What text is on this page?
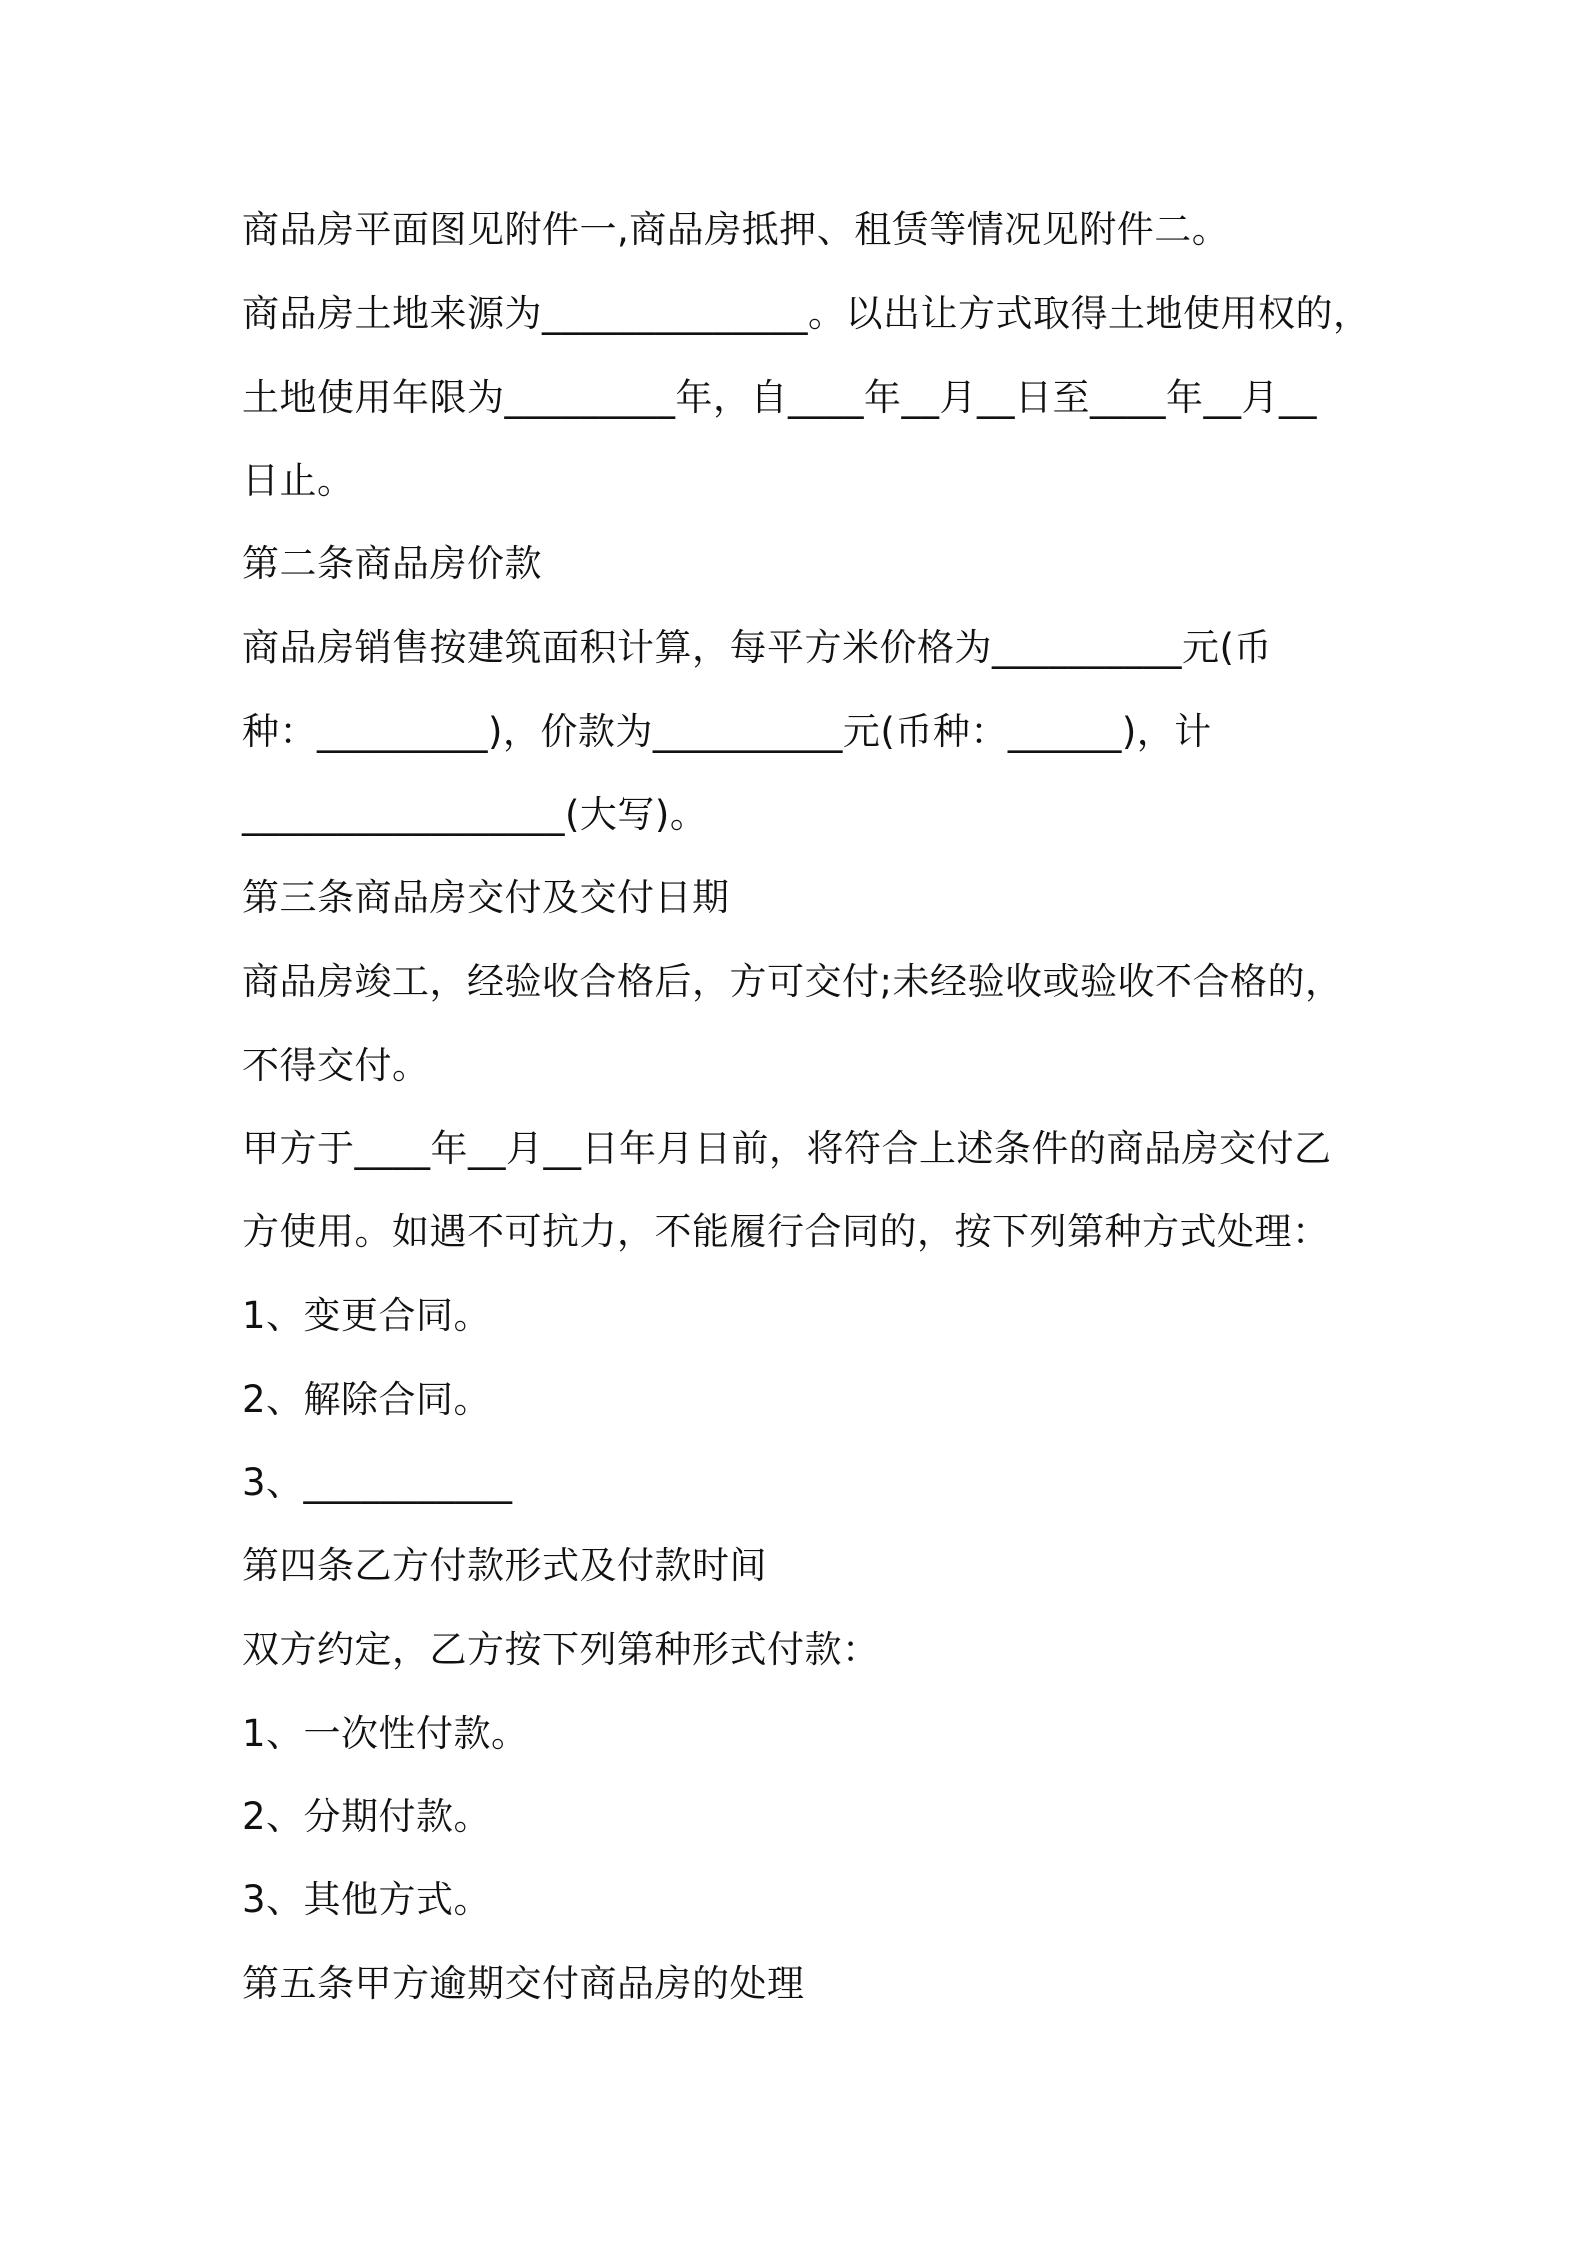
商品房平面图见附件一,商品房抵押、租赁等情况见附件二。
商品房土地来源为______________。以出让方式取得土地使用权的，
土地使用年限为_________年，自____年__月__日至____年__月__
日止。
第二条商品房价款
商品房销售按建筑面积计算，每平方米价格为__________元(币
种：_________)，价款为__________元(币种：______)，计
_________________(大写)。
第三条商品房交付及交付日期
商品房竣工，经验收合格后，方可交付;未经验收或验收不合格的，
不得交付。
甲方于____年__月__日年月日前，将符合上述条件的商品房交付乙
方使用。如遇不可抗力，不能履行合同的，按下列第种方式处理：
1、变更合同。
2、解除合同。
3、___________
第四条乙方付款形式及付款时间
双方约定，乙方按下列第种形式付款：
1、一次性付款。
2、分期付款。
3、其他方式。
第五条甲方逾期交付商品房的处理
